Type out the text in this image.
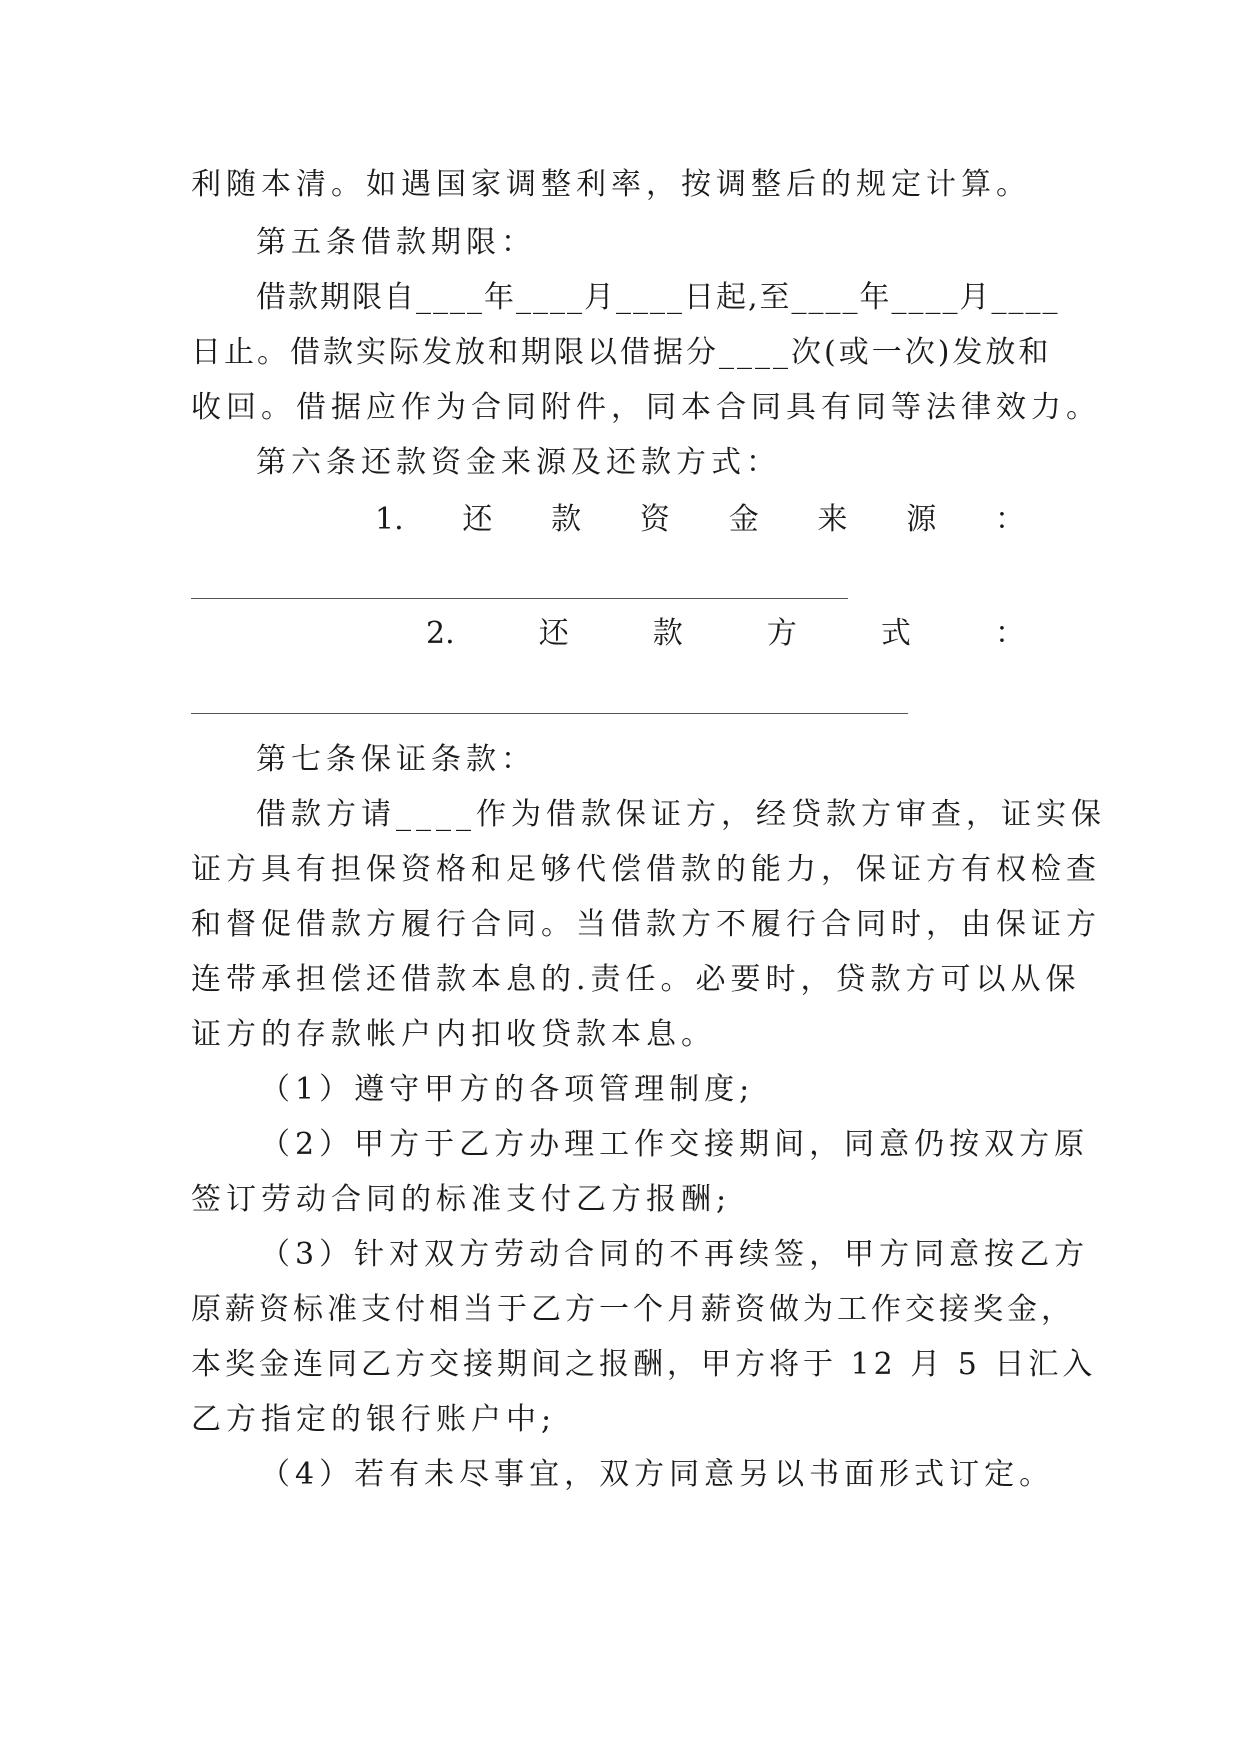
利随本清。如遇国家调整利率，按调整后的规定计算。
第五条借款期限：
借款期限自____年____月____日起,至____年____月____
日止。借款实际发放和期限以借据分____次(或一次)发放和
收回。借据应作为合同附件，同本合同具有同等法律效力。
第六条还款资金来源及还款方式：
1. 还 款 资 金 来 源 ：
2.	还	款	方	式	：
第七条保证条款：
借款方请____作为借款保证方，经贷款方审查，证实保
证方具有担保资格和足够代偿借款的能力，保证方有权检查
和督促借款方履行合同。当借款方不履行合同时，由保证方
连带承担偿还借款本息的.责任。必要时，贷款方可以从保
证方的存款帐户内扣收贷款本息。
（1）遵守甲方的各项管理制度;
（2）甲方于乙方办理工作交接期间，同意仍按双方原
签订劳动合同的标准支付乙方报酬;
（3）针对双方劳动合同的不再续签，甲方同意按乙方
原薪资标准支付相当于乙方一个月薪资做为工作交接奖金，
本奖金连同乙方交接期间之报酬，甲方将于 12 月 5 日汇入
乙方指定的银行账户中;
（4）若有未尽事宜，双方同意另以书面形式订定。
